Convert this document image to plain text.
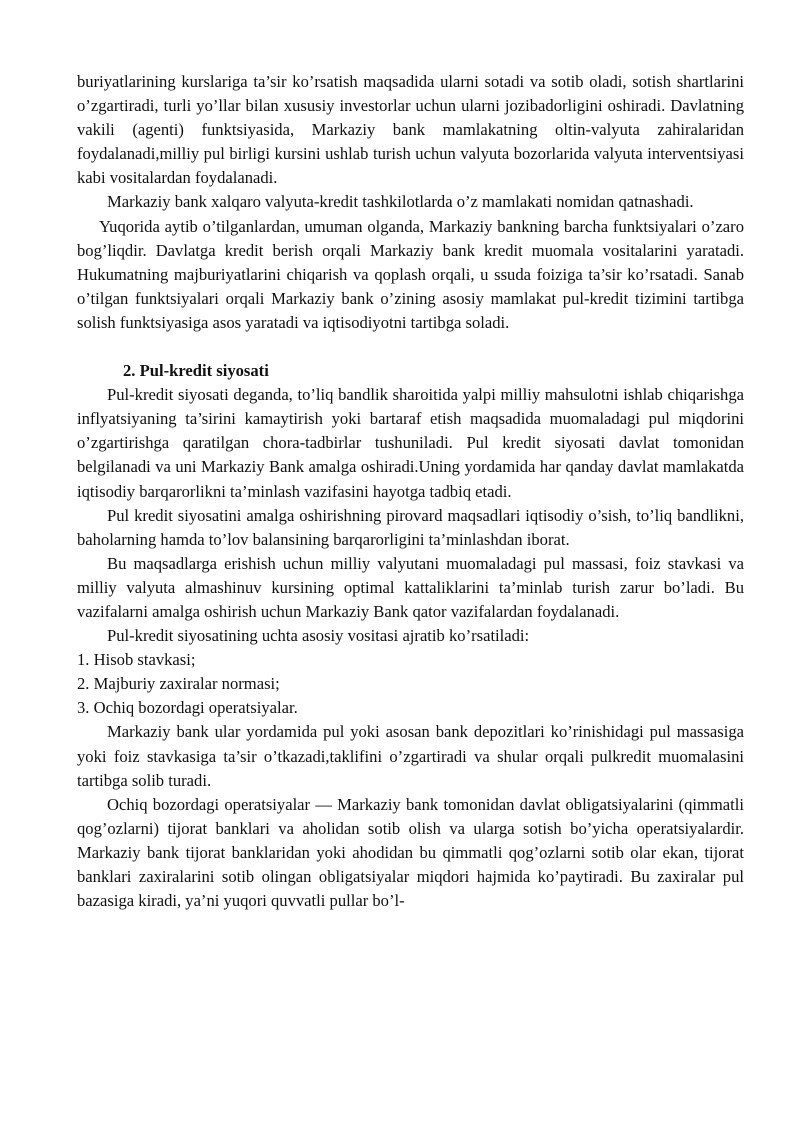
buriyatlarining kurslariga ta’sir ko’rsatish maqsadida ularni sotadi va sotib oladi, sotish shartlarini o’zgartiradi, turli yo’llar bilan xususiy investorlar uchun ularni jozibadorligini oshiradi. Davlatning vakili (agenti) funktsiyasida, Markaziy bank mamlakatning oltin-valyuta zahiralaridan foydalanadi,milliy pul birligi kursini ushlab turish uchun valyuta bozorlarida valyuta interventsiyasi kabi vositalardan foydalanadi.

Markaziy bank xalqaro valyuta-kredit tashkilotlarda o’z mamlakati nomidan qatnashadi.

Yuqorida aytib o’tilganlardan, umuman olganda, Markaziy bankning barcha funktsiyalari o’zaro bog’liqdir. Davlatga kredit berish orqali Markaziy bank kredit muomala vositalarini yaratadi. Hukumatning majburiyatlarini chiqarish va qoplash orqali, u ssuda foiziga ta’sir ko’rsatadi. Sanab o’tilgan funktsiyalari orqali Markaziy bank o’zining asosiy mamlakat pul-kredit tizimini tartibga solish funktsiyasiga asos yaratadi va iqtisodiyotni tartibga soladi.

2. Pul-kredit siyosati

Pul-kredit siyosati deganda, to’liq bandlik sharoitida yalpi milliy mahsulotni ishlab chiqarishga inflyatsiyaning ta’sirini kamaytirish yoki bartaraf etish maqsadida muomaladagi pul miqdorini o’zgartirishga qaratilgan chora-tadbirlar tushuniladi. Pul kredit siyosati davlat tomonidan belgilanadi va uni Markaziy Bank amalga oshiradi.Uning yordamida har qanday davlat mamlakatda iqtisodiy barqarorlikni ta’minlash vazifasini hayotga tadbiq etadi.

Pul kredit siyosatini amalga oshirishning pirovard maqsadlari iqtisodiy o’sish, to’liq bandlikni, baholarning hamda to’lov balansining barqarorligini ta’minlashdan iborat.

Bu maqsadlarga erishish uchun milliy valyutani muomaladagi pul massasi, foiz stavkasi va milliy valyuta almashinuv kursining optimal kattaliklarini ta’minlab turish zarur bo’ladi. Bu vazifalarni amalga oshirish uchun Markaziy Bank qator vazifalardan foydalanadi.

Pul-kredit siyosatining uchta asosiy vositasi ajratib ko’rsatiladi:

1. Hisob stavkasi;

2. Majburiy zaxiralar normasi;

3. Ochiq bozordagi operatsiyalar.

Markaziy bank ular yordamida pul yoki asosan bank depozitlari ko’rinishidagi pul massasiga yoki foiz stavkasiga ta’sir o’tkazadi,taklifini o’zgartiradi va shular orqali pulkredit muomalasini tartibga solib turadi.

Ochiq bozordagi operatsiyalar — Markaziy bank tomonidan davlat obligatsiyalarini (qimmatli qog’ozlarni) tijorat banklari va aholidan sotib olish va ularga sotish bo’yicha operatsiyalardir. Markaziy bank tijorat banklaridan yoki ahodidan bu qimmatli qog’ozlarni sotib olar ekan, tijorat banklari zaxiralarini sotib olingan obligatsiyalar miqdori hajmida ko’paytiradi. Bu zaxiralar pul bazasiga kiradi, ya’ni yuqori quvvatli pullar bo’l-
